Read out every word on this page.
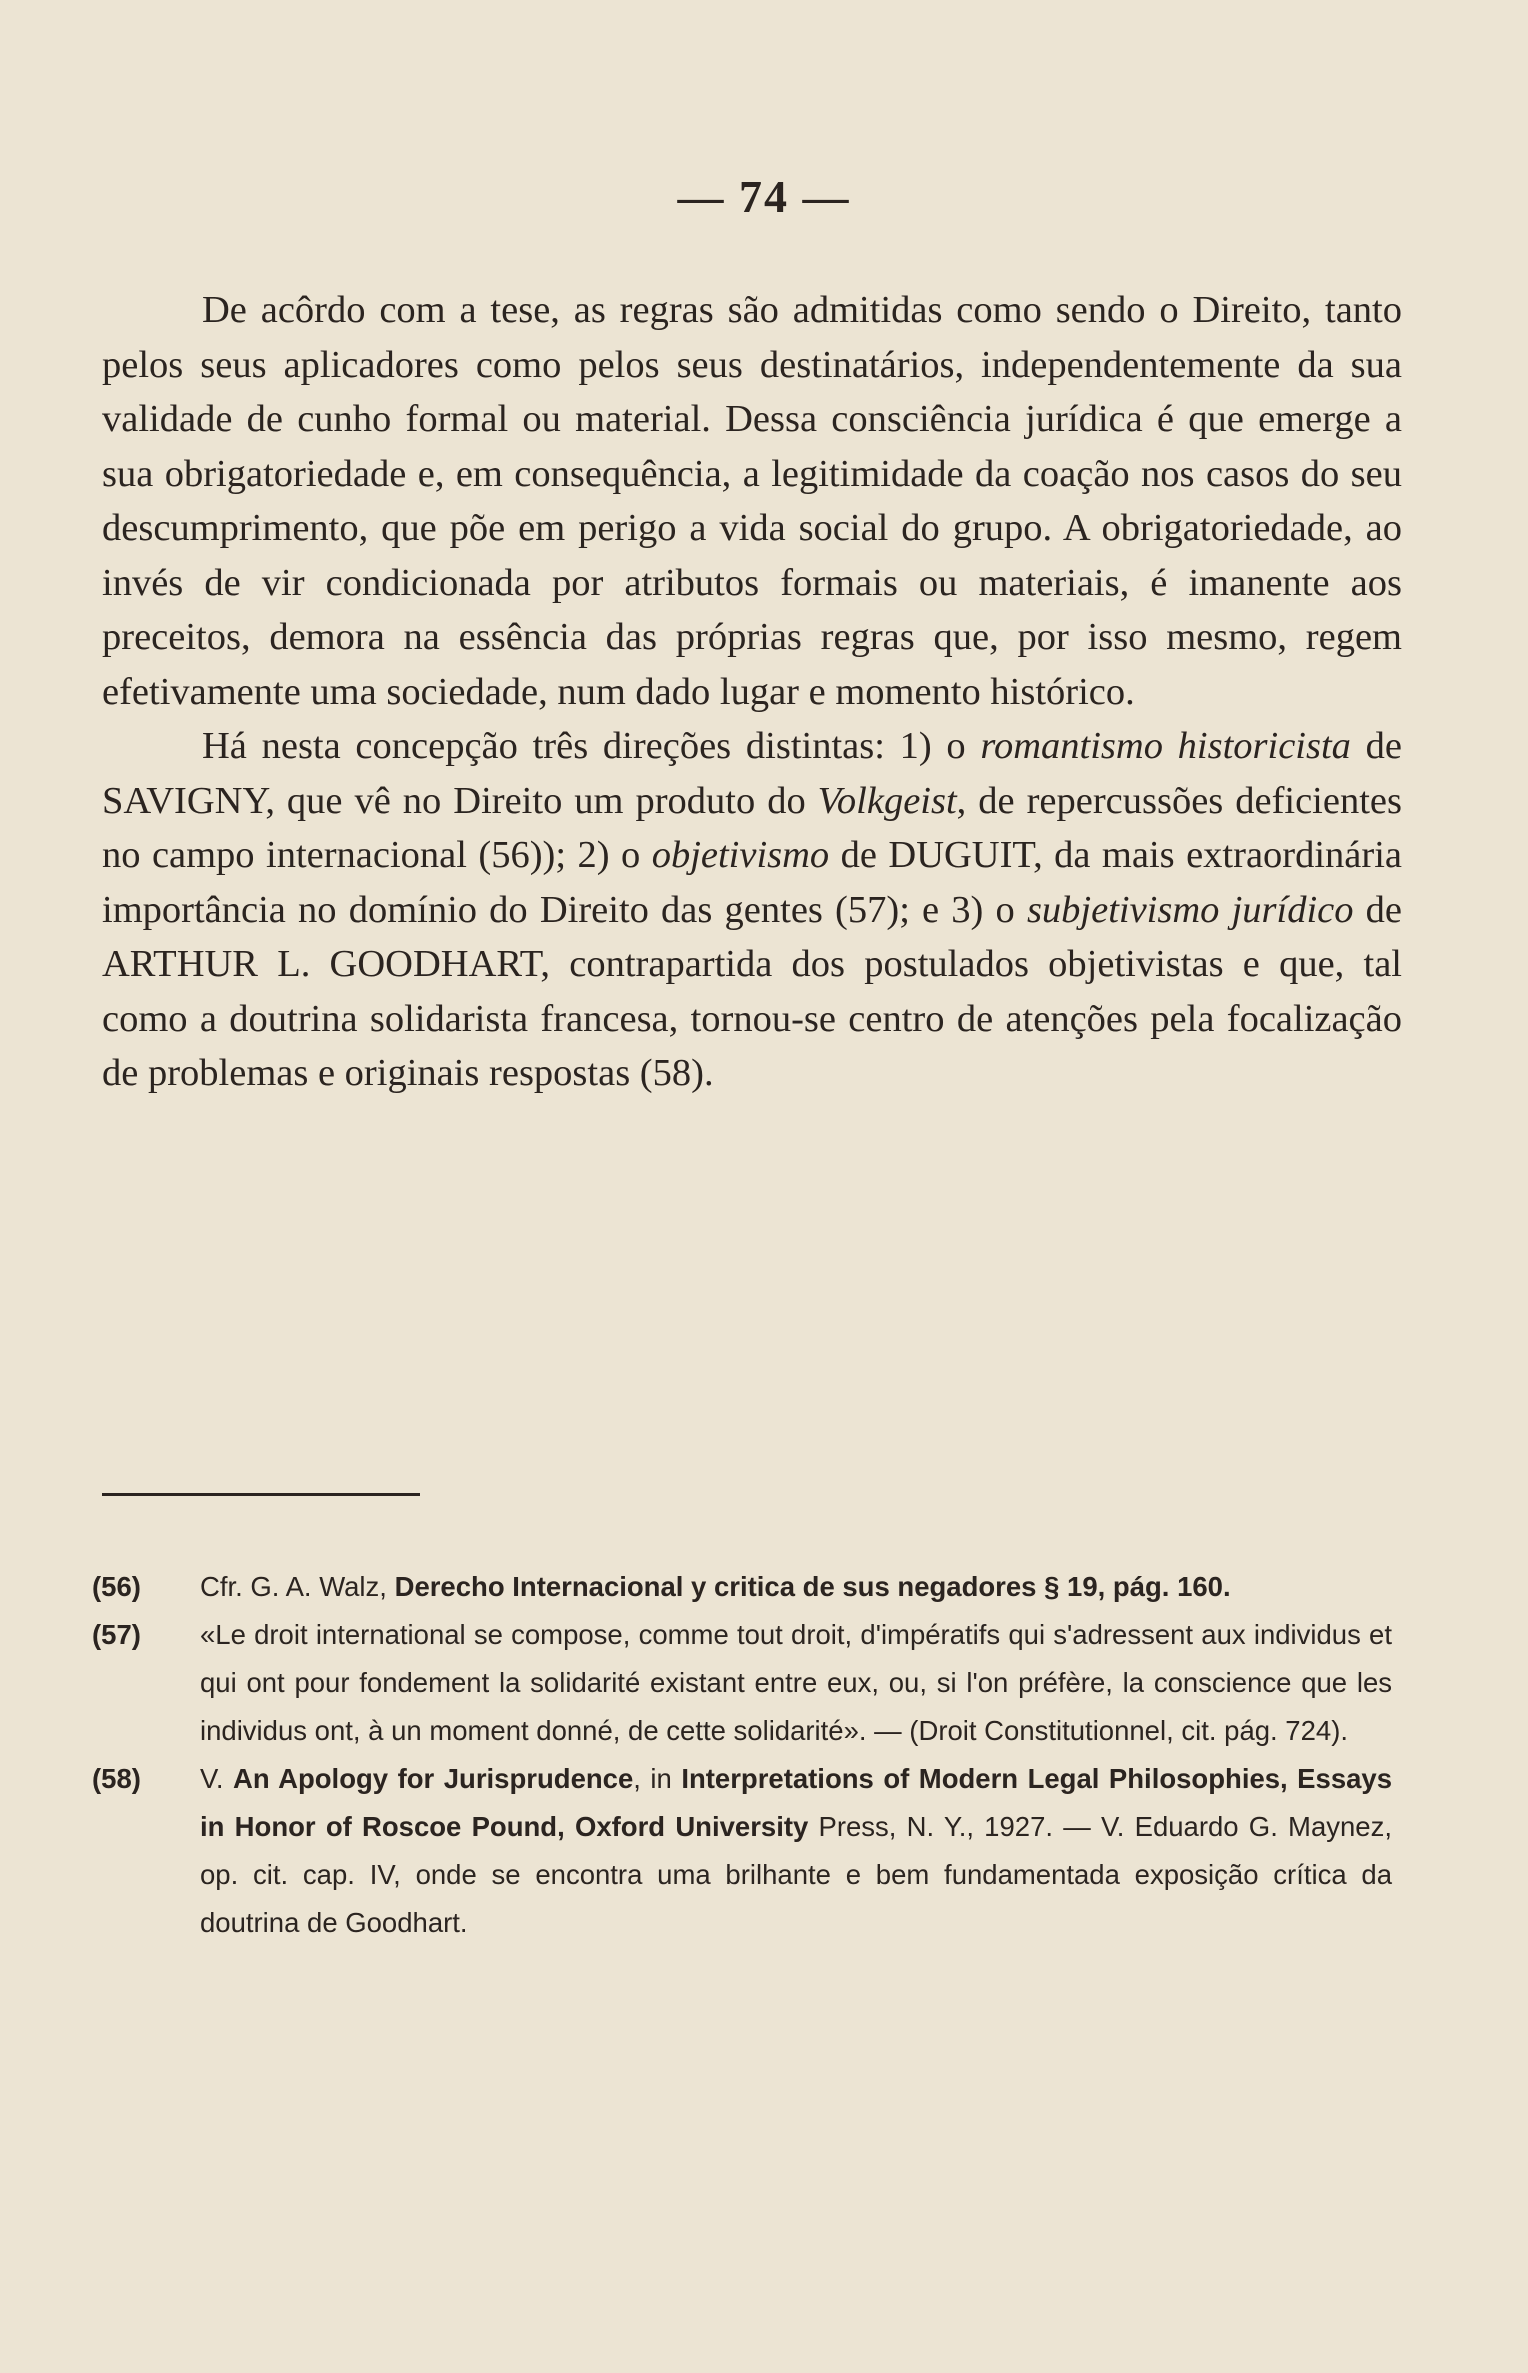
— 74 —

De acôrdo com a tese, as regras são admitidas como sendo o Direito, tanto pelos seus aplicadores como pelos seus destinatários, independentemente da sua validade de cunho formal ou material. Dessa consciência jurídica é que emerge a sua obrigatoriedade e, em consequência, a legitimidade da coação nos casos do seu descumprimento, que põe em perigo a vida social do grupo. A obrigatoriedade, ao invés de vir condicionada por atributos formais ou materiais, é imanente aos preceitos, demora na essência das próprias regras que, por isso mesmo, regem efetivamente uma sociedade, num dado lugar e momento histórico.

Há nesta concepção três direções distintas: 1) o romantismo historicista de SAVIGNY, que vê no Direito um produto do Volkgeist, de repercussões deficientes no campo internacional (56)); 2) o objetivismo de DUGUIT, da mais extraordinária importância no domínio do Direito das gentes (57); e 3) o subjetivismo jurídico de ARTHUR L. GOODHART, contrapartida dos postulados objetivistas e que, tal como a doutrina solidarista francesa, tornou-se centro de atenções pela focalização de problemas e originais respostas (58).

(56)	Cfr. G. A. Walz, Derecho Internacional y critica de sus negadores § 19, pág. 160.
(57)	«Le droit international se compose, comme tout droit, d'impératifs qui s'adressent aux individus et qui ont pour fondement la solidarité existant entre eux, ou, si l'on préfère, la conscience que les individus ont, à un moment donné, de cette solidarité». — (Droit Constitutionnel, cit. pág. 724).
(58)	V. An Apology for Jurisprudence, in Interpretations of Modern Legal Philosophies, Essays in Honor of Roscoe Pound, Oxford University Press, N. Y., 1927. — V. Eduardo G. Maynez, op. cit. cap. IV, onde se encontra uma brilhante e bem fundamentada exposição crítica da doutrina de Goodhart.
